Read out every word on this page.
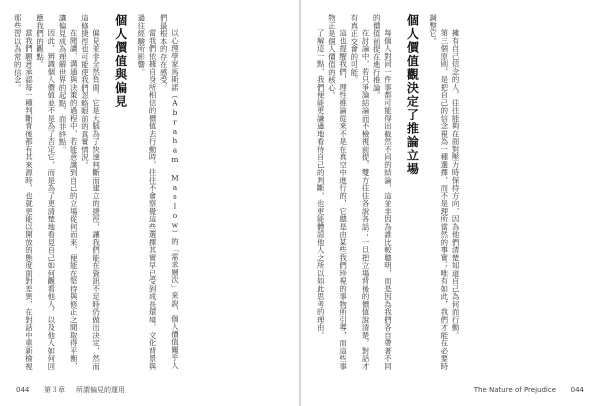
以心理學家馬斯諾（Abraham Maslow）的「需求層次」來說，個人價值關乎人們最根本的存在感受。

當我們依據自身所相信的價值去行動時，往往不會察覺這些選擇其實早已受到成長環境、文化背景與過往經驗所影響。

個人價值與偏見

偏見並非全然負面。它是大腦為了快速判斷而建立的捷徑，讓我們能在資訊不足時仍做出決定，然而這條捷徑也可能使我們忽略眼前的真實情況。

在閱讀、溝通與決策的過程中，若能意識到自己的立場從何而來，便能在堅持與修正之間取得平衡，讓偏見成為理解世界的起點，而非終點。

因此，辨識個人價值並不是為了否定它，而是為了更清楚地看見自己如何觀看他人，以及他人如何回應我們的觀點。

當我們願意承認每一種判斷背後都有其來源時，也就更能以開放的態度面對差異，在對話中重新檢視那些習以為常的信念。

044 第３章 所謂偏見的運用

擁有自己信念的人，往往能夠在面對壓力時保持方向，因為他們清楚知道自己為何而行動。

第三個原則，是把自己的信念視為一種選擇，而不是理所當然的事實；唯有如此，我們才能在必要時調整它。

個人價值觀決定了推論立場

每個人對同一件事都可能得出截然不同的結論，這並非因為誰比較聰明，而是因為我們各自帶著不同的價值前提在進行推論。

在討論中，若只爭論結論而不檢視前提，雙方往往各說各話；一旦把立場背後的價值說清楚，對話才有真正交會的可能。

這也提醒我們，理性推論從來不是在真空中進行的，它總是由某些我們珍視的事物所引導，而這些事物正是個人價值的核心。

了解這一點，我們便能更謙遜地看待自己的判斷，也更能體諒他人之所以如此思考的理由。

The Nature of Prejudice 044
